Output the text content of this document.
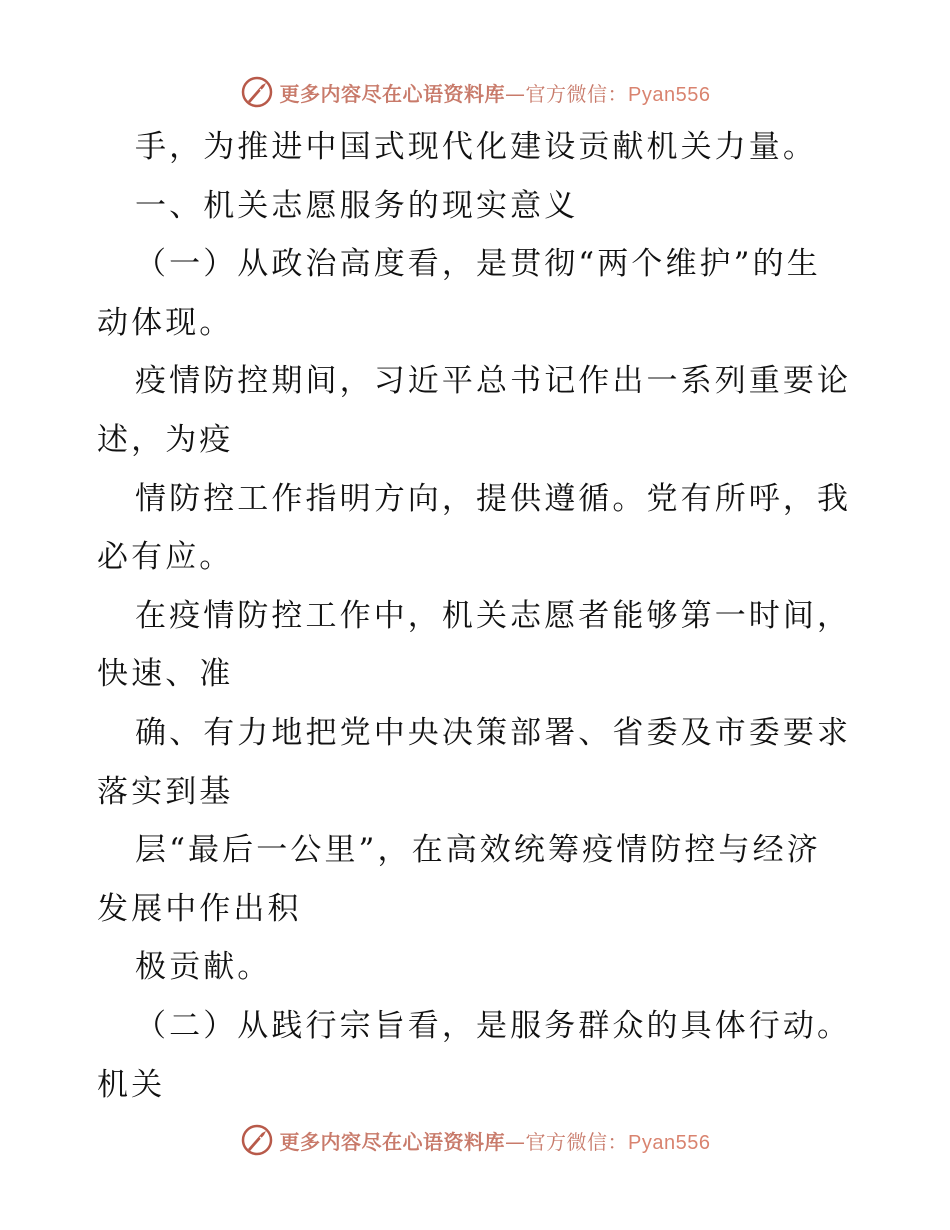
更多内容尽在心语资料库—官方微信：Pyan556
手，为推进中国式现代化建设贡献机关力量。
一、机关志愿服务的现实意义
（一）从政治高度看，是贯彻“两个维护”的生
动体现。
疫情防控期间，习近平总书记作出一系列重要论
述，为疫
情防控工作指明方向，提供遵循。党有所呼，我
必有应。
在疫情防控工作中，机关志愿者能够第一时间，
快速、准
确、有力地把党中央决策部署、省委及市委要求
落实到基
层“最后一公里”，在高效统筹疫情防控与经济
发展中作出积
极贡献。
（二）从践行宗旨看，是服务群众的具体行动。
机关
更多内容尽在心语资料库—官方微信：Pyan556
